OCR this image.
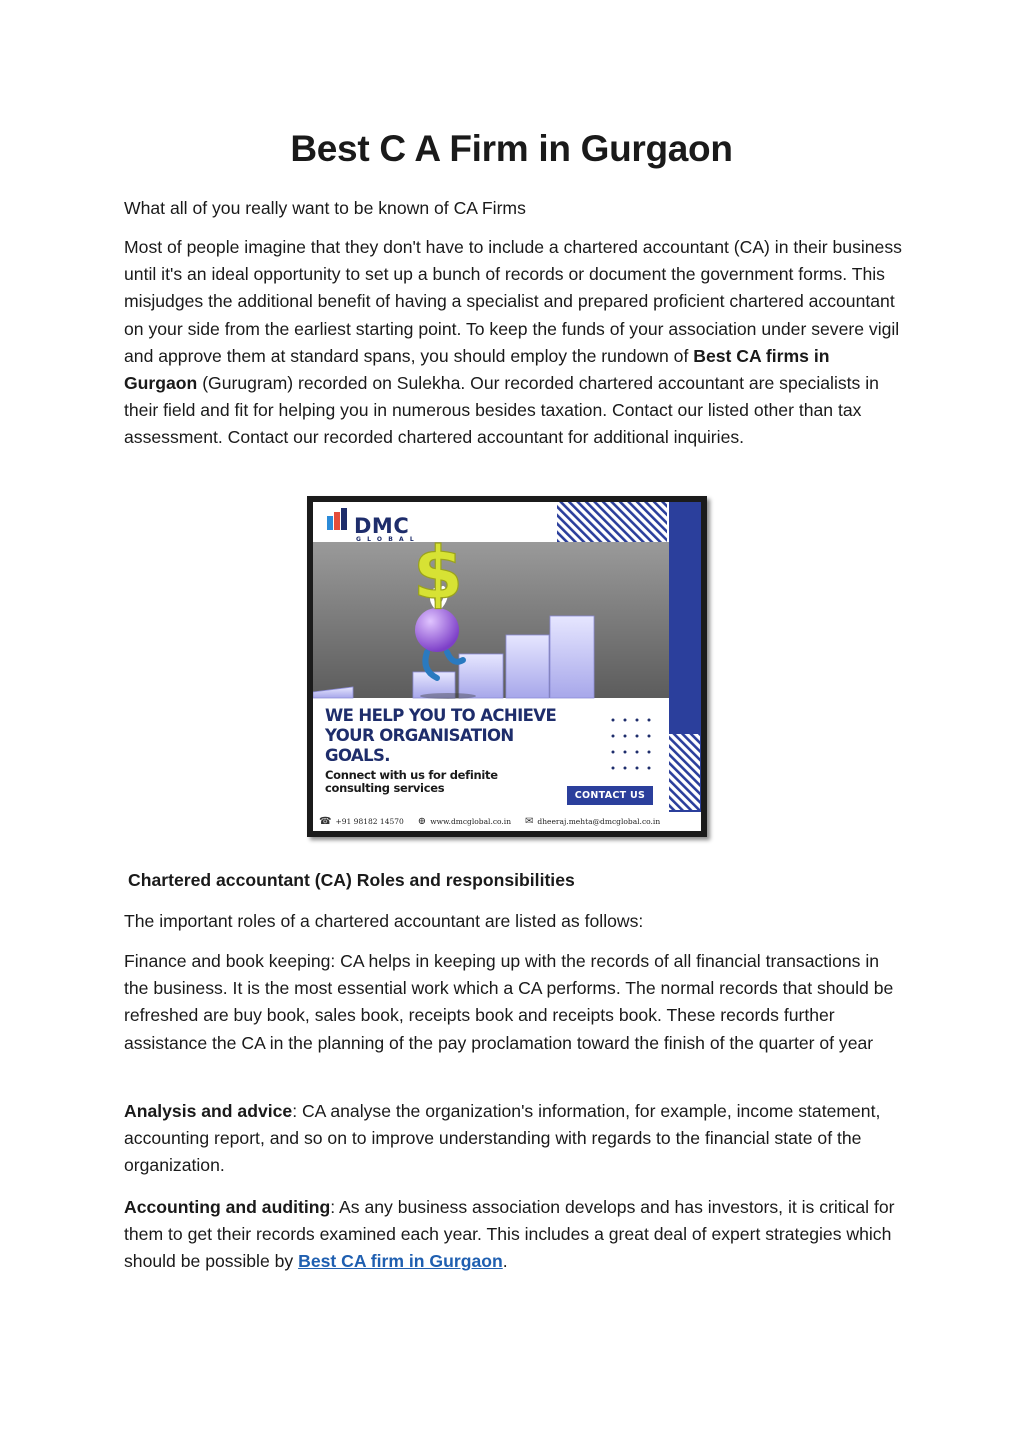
Best C A Firm in Gurgaon

What all of you really want to be known of CA Firms

Most of people imagine that they don't have to include a chartered accountant (CA) in their business until it's an ideal opportunity to set up a bunch of records or document the government forms. This misjudges the additional benefit of having a specialist and prepared proficient chartered accountant on your side from the earliest starting point. To keep the funds of your association under severe vigil and approve them at standard spans, you should employ the rundown of Best CA firms in Gurgaon (Gurugram) recorded on Sulekha. Our recorded chartered accountant are specialists in their field and fit for helping you in numerous besides taxation. Contact our listed other than tax assessment. Contact our recorded chartered accountant for additional inquiries.

Chartered accountant (CA) Roles and responsibilities

The important roles of a chartered accountant are listed as follows:

Finance and book keeping: CA helps in keeping up with the records of all financial transactions in the business. It is the most essential work which a CA performs. The normal records that should be refreshed are buy book, sales book, receipts book and receipts book. These records further assistance the CA in the planning of the pay proclamation toward the finish of the quarter of year

Analysis and advice: CA analyse the organization's information, for example, income statement, accounting report, and so on to improve understanding with regards to the financial state of the organization.

Accounting and auditing: As any business association develops and has investors, it is critical for them to get their records examined each year. This includes a great deal of expert strategies which should be possible by Best CA firm in Gurgaon.

$
DMC
GLOBAL
WE HELP YOU TO ACHIEVE YOUR ORGANISATION GOALS.
Connect with us for definite consulting services
CONTACT US
☎ +91 98182 14570 ⊕ www.dmcglobal.co.in ✉ dheeraj.mehta@dmcglobal.co.in
